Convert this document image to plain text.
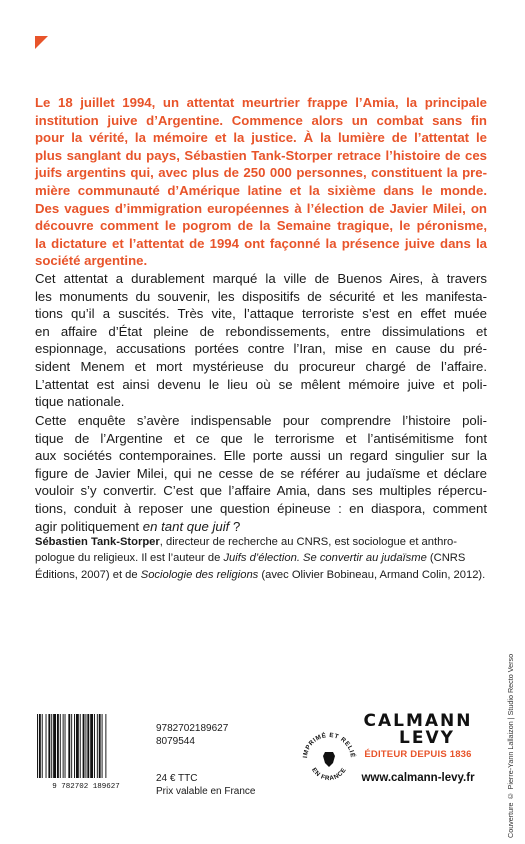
Le 18 juillet 1994, un attentat meurtrier frappe l’Amia, la principale
institution juive d’Argentine. Commence alors un combat sans fin
pour la vérité, la mémoire et la justice. À la lumière de l’attentat le
plus sanglant du pays, Sébastien Tank-Storper retrace l’histoire de ces
juifs argentins qui, avec plus de 250 000 personnes, constituent la pre-
mière communauté d’Amérique latine et la sixième dans le monde.
Des vagues d’immigration européennes à l’élection de Javier Milei, on
découvre comment le pogrom de la Semaine tragique, le péronisme,
la dictature et l’attentat de 1994 ont façonné la présence juive dans la
société argentine.
Cet attentat a durablement marqué la ville de Buenos Aires, à travers
les monuments du souvenir, les dispositifs de sécurité et les manifesta-
tions qu’il a suscités. Très vite, l’attaque terroriste s’est en effet muée
en affaire d’État pleine de rebondissements, entre dissimulations et
espionnage, accusations portées contre l’Iran, mise en cause du pré-
sident Menem et mort mystérieuse du procureur chargé de l’affaire.
L’attentat est ainsi devenu le lieu où se mêlent mémoire juive et poli-
tique nationale.
Cette enquête s’avère indispensable pour comprendre l’histoire poli-
tique de l’Argentine et ce que le terrorisme et l’antisémitisme font
aux sociétés contemporaines. Elle porte aussi un regard singulier sur la
figure de Javier Milei, qui ne cesse de se référer au judaïsme et déclare
vouloir s’y convertir. C’est que l’affaire Amia, dans ses multiples répercu-
tions, conduit à reposer une question épineuse : en diaspora, comment
agir politiquement en tant que juif ?
Sébastien Tank-Storper, directeur de recherche au CNRS, est sociologue et anthro-
pologue du religieux. Il est l’auteur de Juifs d’élection. Se convertir au judaïsme (CNRS
Éditions, 2007) et de Sociologie des religions (avec Olivier Bobineau, Armand Colin, 2012).
Couverture © Pierre-Yann Lallaizon | Studio Recto Verso
9 782702 189627
9782702189627
8079544
24 € TTC
Prix valable en France
IMPRIMÉ ET RELIÉ
EN FRANCE
CALMANN
LEVY
ÉDITEUR DEPUIS 1836
www.calmann-levy.fr
